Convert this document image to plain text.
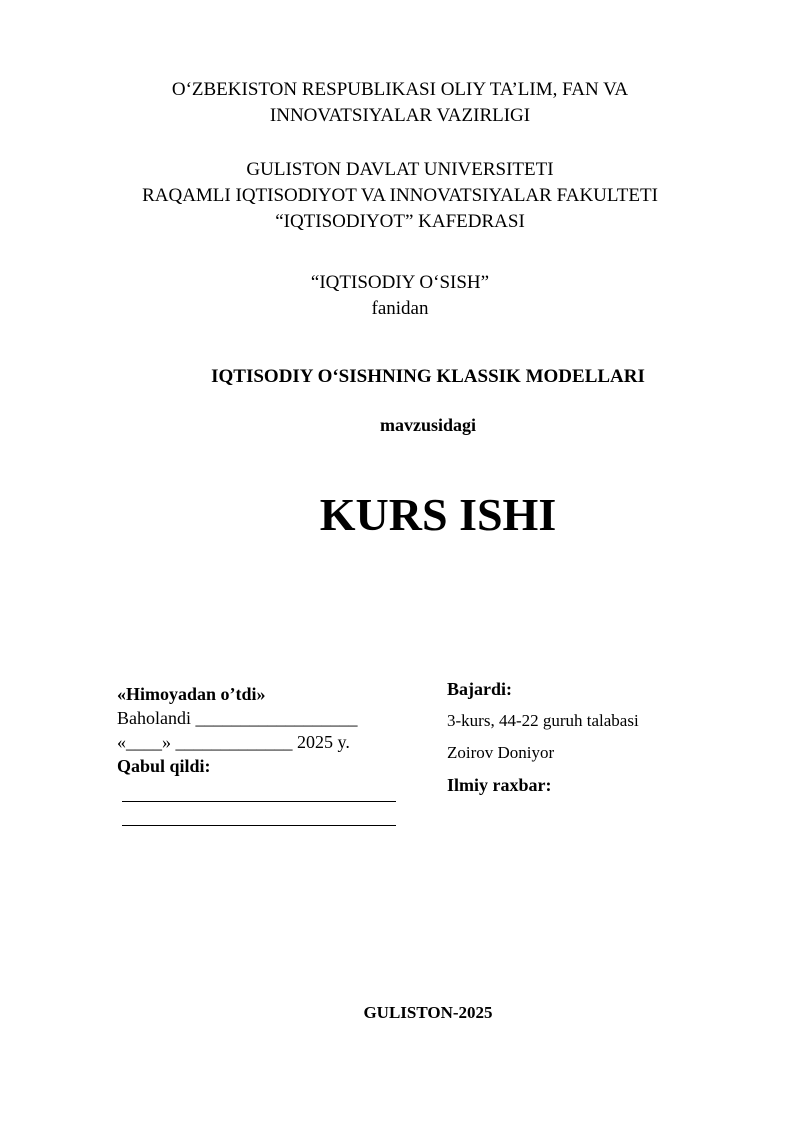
O‘ZBEKISTON RESPUBLIKASI OLIY TA’LIM, FAN VA
INNOVATSIYALAR VAZIRLIGI
GULISTON DAVLAT UNIVERSITETI
RAQAMLI IQTISODIYOT VA INNOVATSIYALAR FAKULTETI
“IQTISODIYOT” KAFEDRASI
“IQTISODIY O‘SISH”
fanidan
IQTISODIY O‘SISHNING KLASSIK MODELLARI
mavzusidagi
KURS ISHI
«Himoyadan o’tdi»
Baholandi __________________
«____» _____________ 2025 y.
Qabul qildi:
Bajardi:
3-kurs, 44-22 guruh talabasi
Zoirov Doniyor
Ilmiy raxbar:
GULISTON-2025
